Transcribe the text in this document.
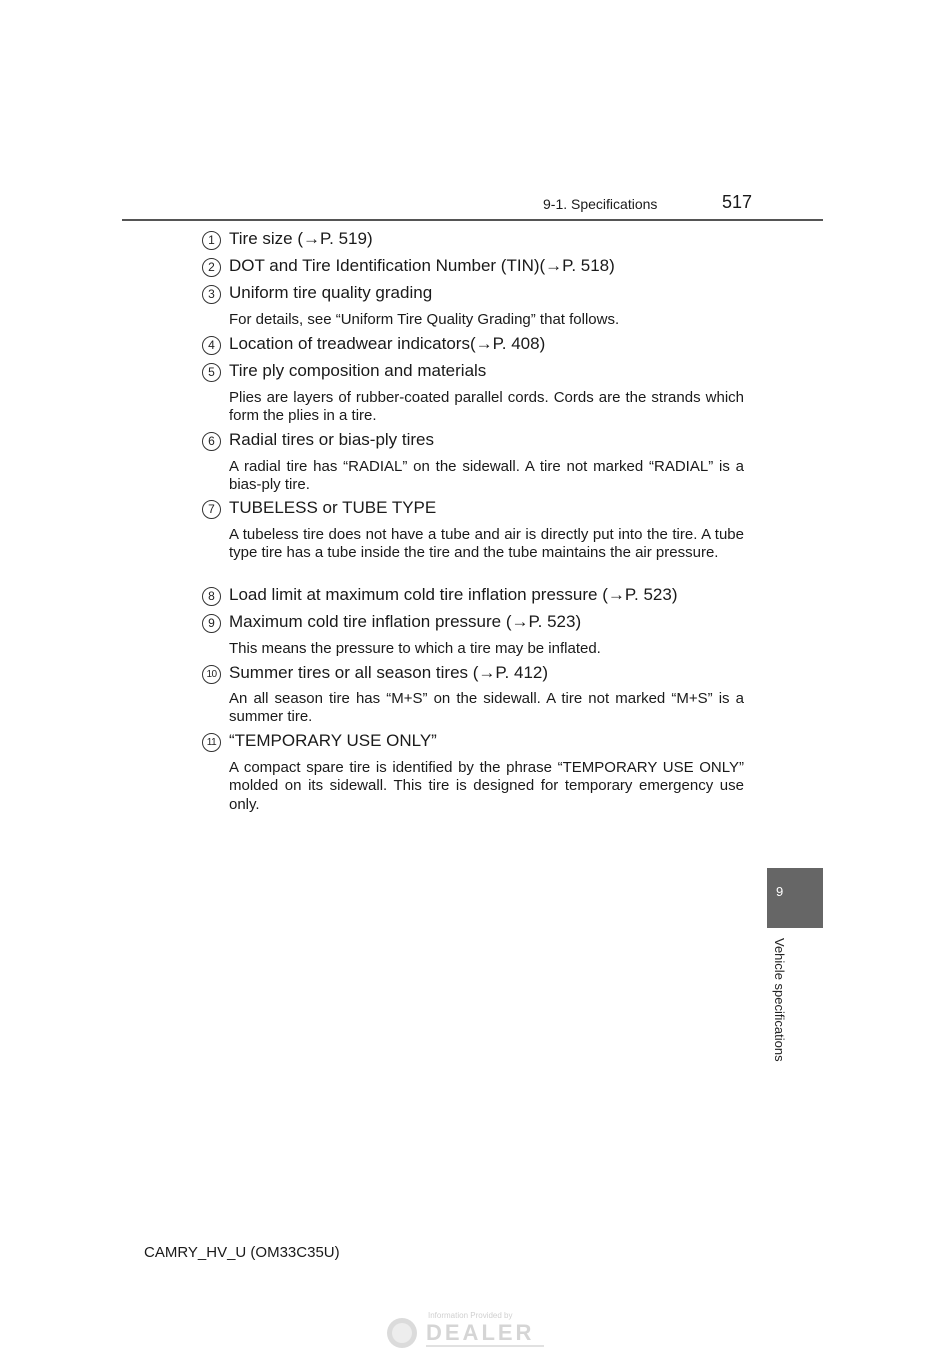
9-1. Specifications	517
1 Tire size (→P. 519)
2 DOT and Tire Identification Number (TIN)(→P. 518)
3 Uniform tire quality grading
For details, see “Uniform Tire Quality Grading” that follows.
4 Location of treadwear indicators(→P. 408)
5 Tire ply composition and materials
Plies are layers of rubber-coated parallel cords. Cords are the strands which form the plies in a tire.
6 Radial tires or bias-ply tires
A radial tire has “RADIAL” on the sidewall. A tire not marked “RADIAL” is a bias-ply tire.
7 TUBELESS or TUBE TYPE
A tubeless tire does not have a tube and air is directly put into the tire. A tube type tire has a tube inside the tire and the tube maintains the air pressure.
8 Load limit at maximum cold tire inflation pressure (→P. 523)
9 Maximum cold tire inflation pressure (→P. 523)
This means the pressure to which a tire may be inflated.
10 Summer tires or all season tires (→P. 412)
An all season tire has “M+S” on the sidewall. A tire not marked “M+S” is a summer tire.
11 “TEMPORARY USE ONLY”
A compact spare tire is identified by the phrase “TEMPORARY USE ONLY” molded on its sidewall. This tire is designed for temporary emergency use only.
9
Vehicle specifications
CAMRY_HV_U (OM33C35U)
Information Provided by
DEALER
